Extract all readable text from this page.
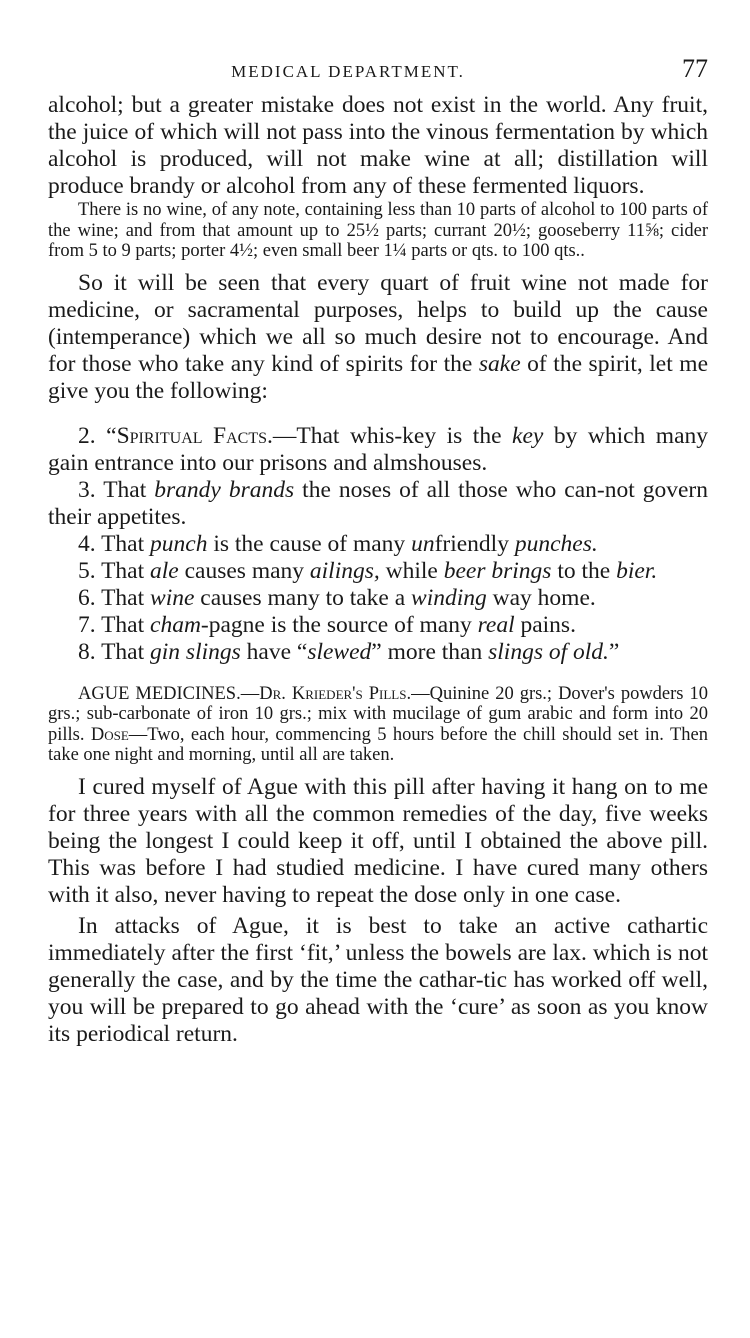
MEDICAL DEPARTMENT.	77

alcohol; but a greater mistake does not exist in the world. Any fruit, the juice of which will not pass into the vinous fermentation by which alcohol is produced, will not make wine at all; distillation will produce brandy or alcohol from any of these fermented liquors.

There is no wine, of any note, containing less than 10 parts of alcohol to 100 parts of the wine; and from that amount up to 25½ parts; currant 20½; gooseberry 11⅝; cider from 5 to 9 parts; porter 4½; even small beer 1¼ parts or qts. to 100 qts..

So it will be seen that every quart of fruit wine not made for medicine, or sacramental purposes, helps to build up the cause (intemperance) which we all so much desire not to encourage. And for those who take any kind of spirits for the sake of the spirit, let me give you the following:

2. “Spiritual Facts.—That whis-key is the key by which many gain entrance into our prisons and almshouses.

3. That brandy brands the noses of all those who can-not govern their appetites.

4. That punch is the cause of many unfriendly punches.

5. That ale causes many ailings, while beer brings to the bier.

6. That wine causes many to take a winding way home.

7. That cham-pagne is the source of many real pains.

8. That gin slings have “slewed” more than slings of old.”

AGUE MEDICINES.—Dr. Krieder's Pills.—Quinine 20 grs.; Dover's powders 10 grs.; sub-carbonate of iron 10 grs.; mix with mucilage of gum arabic and form into 20 pills. Dose—Two, each hour, commencing 5 hours before the chill should set in. Then take one night and morning, until all are taken.

I cured myself of Ague with this pill after having it hang on to me for three years with all the common remedies of the day, five weeks being the longest I could keep it off, until I obtained the above pill. This was before I had studied medicine. I have cured many others with it also, never having to repeat the dose only in one case.

In attacks of Ague, it is best to take an active cathartic immediately after the first ‘fit,’ unless the bowels are lax. which is not generally the case, and by the time the cathar-tic has worked off well, you will be prepared to go ahead with the ‘cure’ as soon as you know its periodical return.
